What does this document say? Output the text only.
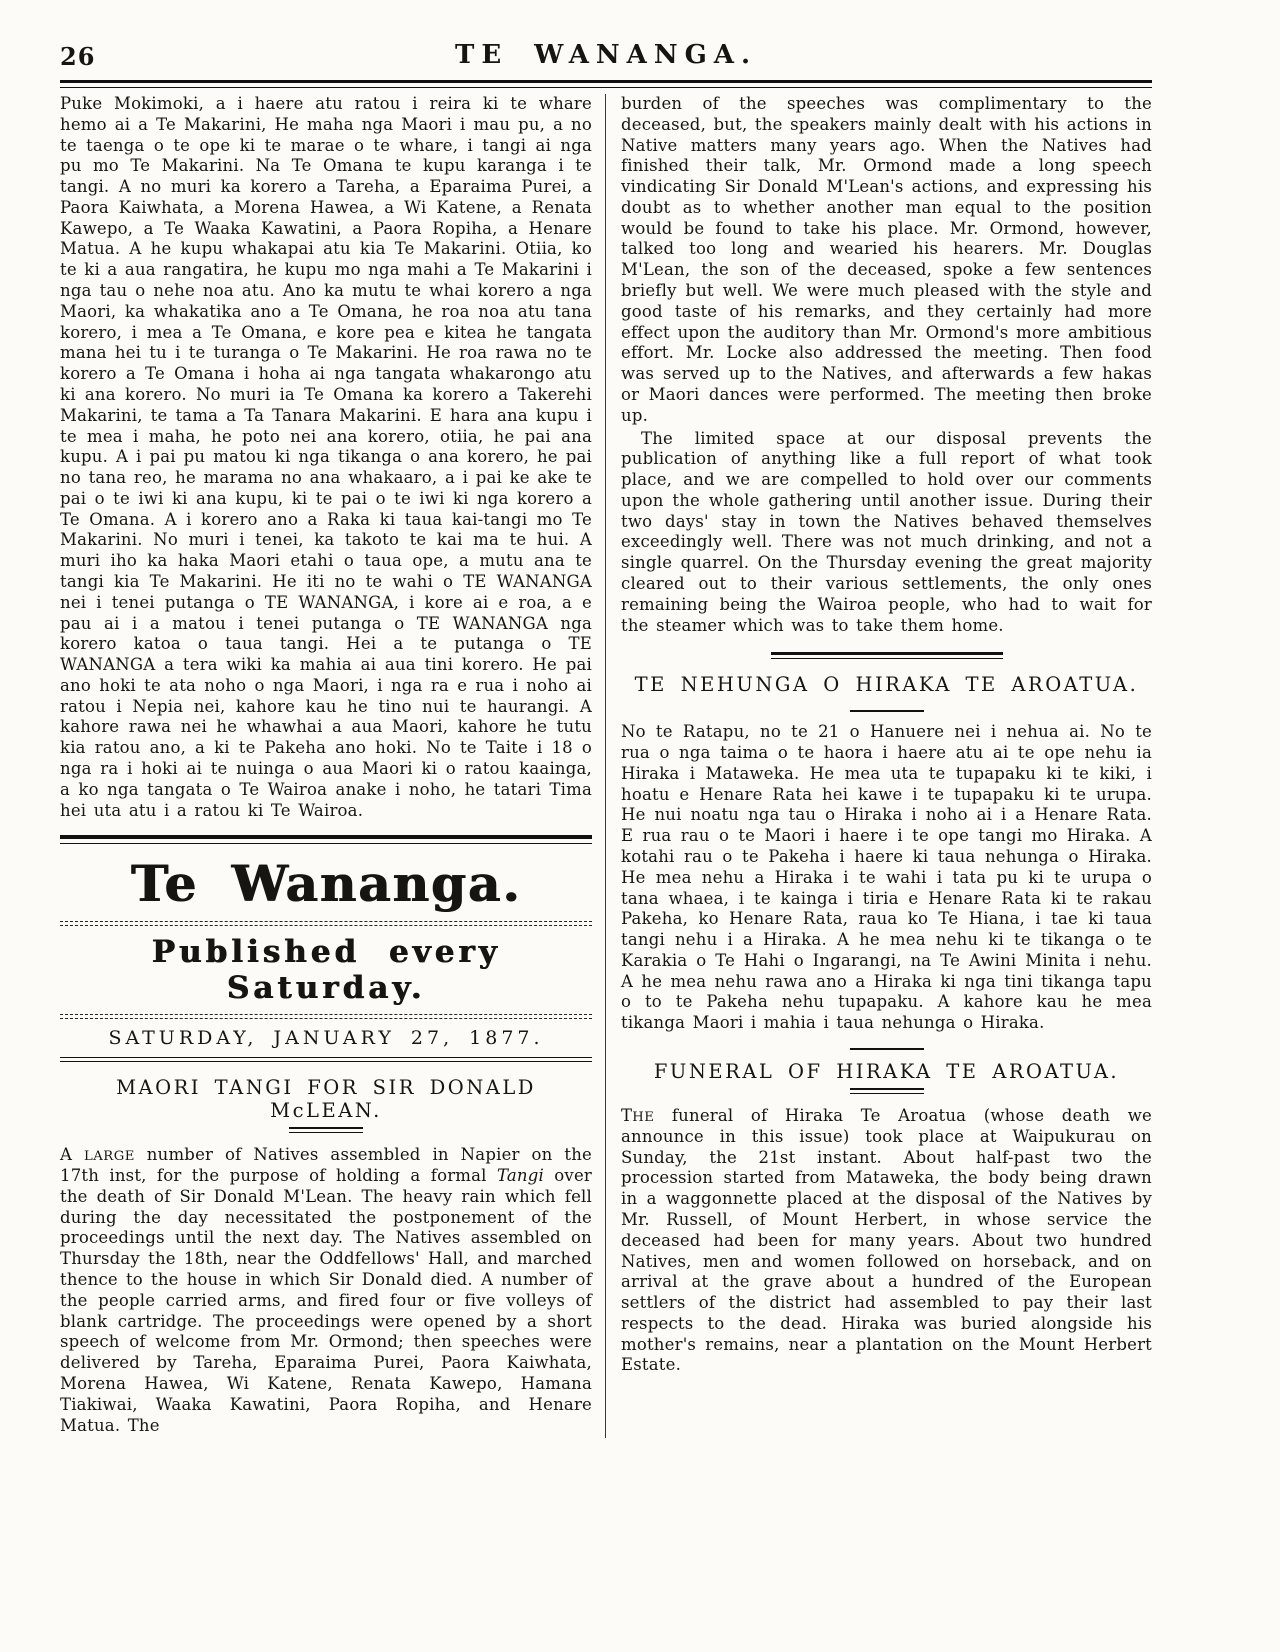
26	TE WANANGA.

Puke Mokimoki, a i haere atu ratou i reira ki te whare hemo ai a Te Makarini, He maha nga Maori i mau pu, a no te taenga o te ope ki te marae o te whare, i tangi ai nga pu mo Te Makarini. Na Te Omana te kupu karanga i te tangi. A no muri ka korero a Tareha, a Eparaima Purei, a Paora Kaiwhata, a Morena Hawea, a Wi Katene, a Renata Kawepo, a Te Waaka Kawatini, a Paora Ropiha, a Henare Matua. A he kupu whakapai atu kia Te Makarini. Otiia, ko te ki a aua rangatira, he kupu mo nga mahi a Te Makarini i nga tau o nehe noa atu. Ano ka mutu te whai korero a nga Maori, ka whakatika ano a Te Omana, he roa noa atu tana korero, i mea a Te Omana, e kore pea e kitea he tangata mana hei tu i te turanga o Te Makarini. He roa rawa no te korero a Te Omana i hoha ai nga tangata whakarongo atu ki ana korero. No muri ia Te Omana ka korero a Takerehi Makarini, te tama a Ta Tanara Makarini. E hara ana kupu i te mea i maha, he poto nei ana korero, otiia, he pai ana kupu. A i pai pu matou ki nga tikanga o ana korero, he pai no tana reo, he marama no ana whakaaro, a i pai ke ake te pai o te iwi ki ana kupu, ki te pai o te iwi ki nga korero a Te Omana. A i korero ano a Raka ki taua kai-tangi mo Te Makarini. No muri i tenei, ka takoto te kai ma te hui. A muri iho ka haka Maori etahi o taua ope, a mutu ana te tangi kia Te Makarini. He iti no te wahi o TE WANANGA nei i tenei putanga o TE WANANGA, i kore ai e roa, a e pau ai i a matou i tenei putanga o TE WANANGA nga korero katoa o taua tangi. Hei a te putanga o TE WANANGA a tera wiki ka mahia ai aua tini korero. He pai ano hoki te ata noho o nga Maori, i nga ra e rua i noho ai ratou i Nepia nei, kahore kau he tino nui te haurangi. A kahore rawa nei he whawhai a aua Maori, kahore he tutu kia ratou ano, a ki te Pakeha ano hoki. No te Taite i 18 o nga ra i hoki ai te nuinga o aua Maori ki o ratou kaainga, a ko nga tangata o Te Wairoa anake i noho, he tatari Tima hei uta atu i a ratou ki Te Wairoa.

Te Wananga.
Published every Saturday.
SATURDAY, JANUARY 27, 1877.
MAORI TANGI FOR SIR DONALD McLEAN.

A LARGE number of Natives assembled in Napier on the 17th inst, for the purpose of holding a formal Tangi over the death of Sir Donald M'Lean. The heavy rain which fell during the day necessitated the postponement of the proceedings until the next day. The Natives assembled on Thursday the 18th, near the Oddfellows' Hall, and marched thence to the house in which Sir Donald died. A number of the people carried arms, and fired four or five volleys of blank cartridge. The proceedings were opened by a short speech of welcome from Mr. Ormond; then speeches were delivered by Tareha, Eparaima Purei, Paora Kaiwhata, Morena Hawea, Wi Katene, Renata Kawepo, Hamana Tiakiwai, Waaka Kawatini, Paora Ropiha, and Henare Matua. The

burden of the speeches was complimentary to the deceased, but, the speakers mainly dealt with his actions in Native matters many years ago. When the Natives had finished their talk, Mr. Ormond made a long speech vindicating Sir Donald M'Lean's actions, and expressing his doubt as to whether another man equal to the position would be found to take his place. Mr. Ormond, however, talked too long and wearied his hearers. Mr. Douglas M'Lean, the son of the deceased, spoke a few sentences briefly but well. We were much pleased with the style and good taste of his remarks, and they certainly had more effect upon the auditory than Mr. Ormond's more ambitious effort. Mr. Locke also addressed the meeting. Then food was served up to the Natives, and afterwards a few hakas or Maori dances were performed. The meeting then broke up.

The limited space at our disposal prevents the publication of anything like a full report of what took place, and we are compelled to hold over our comments upon the whole gathering until another issue. During their two days' stay in town the Natives behaved themselves exceedingly well. There was not much drinking, and not a single quarrel. On the Thursday evening the great majority cleared out to their various settlements, the only ones remaining being the Wairoa people, who had to wait for the steamer which was to take them home.

TE NEHUNGA O HIRAKA TE AROATUA.

No te Ratapu, no te 21 o Hanuere nei i nehua ai. No te rua o nga taima o te haora i haere atu ai te ope nehu ia Hiraka i Mataweka. He mea uta te tupapaku ki te kiki, i hoatu e Henare Rata hei kawe i te tupapaku ki te urupa. He nui noatu nga tau o Hiraka i noho ai i a Henare Rata. E rua rau o te Maori i haere i te ope tangi mo Hiraka. A kotahi rau o te Pakeha i haere ki taua nehunga o Hiraka. He mea nehu a Hiraka i te wahi i tata pu ki te urupa o tana whaea, i te kainga i tiria e Henare Rata ki te rakau Pakeha, ko Henare Rata, raua ko Te Hiana, i tae ki taua tangi nehu i a Hiraka. A he mea nehu ki te tikanga o te Karakia o Te Hahi o Ingarangi, na Te Awini Minita i nehu. A he mea nehu rawa ano a Hiraka ki nga tini tikanga tapu o to te Pakeha nehu tupapaku. A kahore kau he mea tikanga Maori i mahia i taua nehunga o Hiraka.

FUNERAL OF HIRAKA TE AROATUA.

THE funeral of Hiraka Te Aroatua (whose death we announce in this issue) took place at Waipukurau on Sunday, the 21st instant. About half-past two the procession started from Mataweka, the body being drawn in a waggonnette placed at the disposal of the Natives by Mr. Russell, of Mount Herbert, in whose service the deceased had been for many years. About two hundred Natives, men and women followed on horseback, and on arrival at the grave about a hundred of the European settlers of the district had assembled to pay their last respects to the dead. Hiraka was buried alongside his mother's remains, near a plantation on the Mount Herbert Estate.
